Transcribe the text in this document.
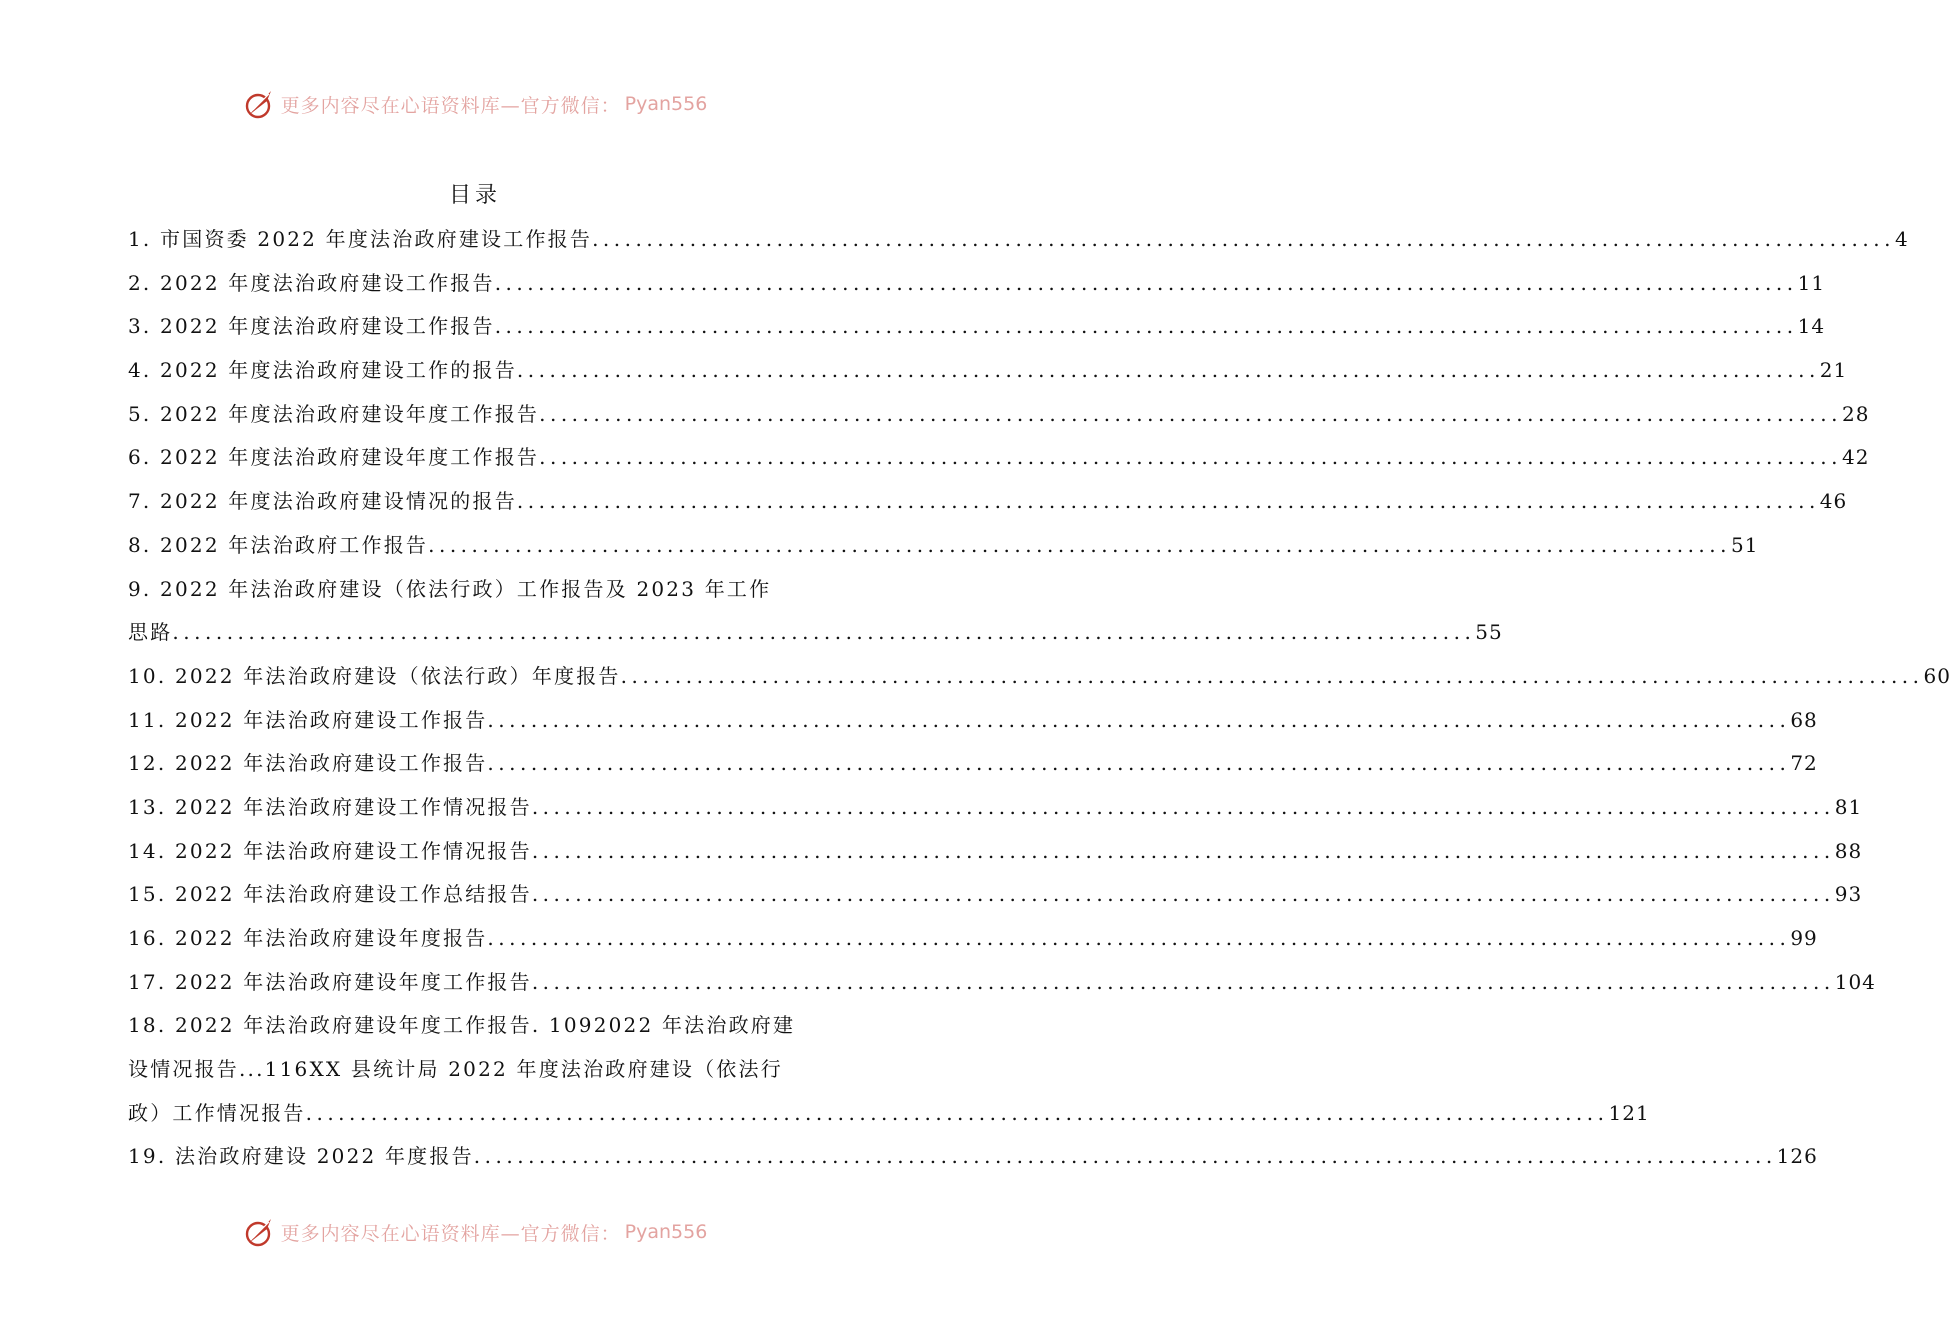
更多内容尽在心语资料库—官方微信： Pyan556
目录
1. 市国资委 2022 年度法治政府建设工作报告 ........................................................................................................................ 4
2. 2022 年度法治政府建设工作报告 ........................................................................................................................ 11
3. 2022 年度法治政府建设工作报告 ........................................................................................................................ 14
4. 2022 年度法治政府建设工作的报告 ........................................................................................................................ 21
5. 2022 年度法治政府建设年度工作报告 ........................................................................................................................ 28
6. 2022 年度法治政府建设年度工作报告 ........................................................................................................................ 42
7. 2022 年度法治政府建设情况的报告 ........................................................................................................................ 46
8. 2022 年法治政府工作报告 ........................................................................................................................ 51
9. 2022 年法治政府建设（依法行政）工作报告及 2023 年工作
思路 ........................................................................................................................ 55
10. 2022 年法治政府建设（依法行政）年度报告 ........................................................................................................................ 60
11. 2022 年法治政府建设工作报告 ........................................................................................................................ 68
12. 2022 年法治政府建设工作报告 ........................................................................................................................ 72
13. 2022 年法治政府建设工作情况报告 ........................................................................................................................ 81
14. 2022 年法治政府建设工作情况报告 ........................................................................................................................ 88
15. 2022 年法治政府建设工作总结报告 ........................................................................................................................ 93
16. 2022 年法治政府建设年度报告 ........................................................................................................................ 99
17. 2022 年法治政府建设年度工作报告 ........................................................................................................................ 104
18. 2022 年法治政府建设年度工作报告. 1092022 年法治政府建
设情况报告...116XX 县统计局 2022 年度法治政府建设（依法行
政）工作情况报告 ........................................................................................................................ 121
19. 法治政府建设 2022 年度报告 ........................................................................................................................ 126
更多内容尽在心语资料库—官方微信： Pyan556
